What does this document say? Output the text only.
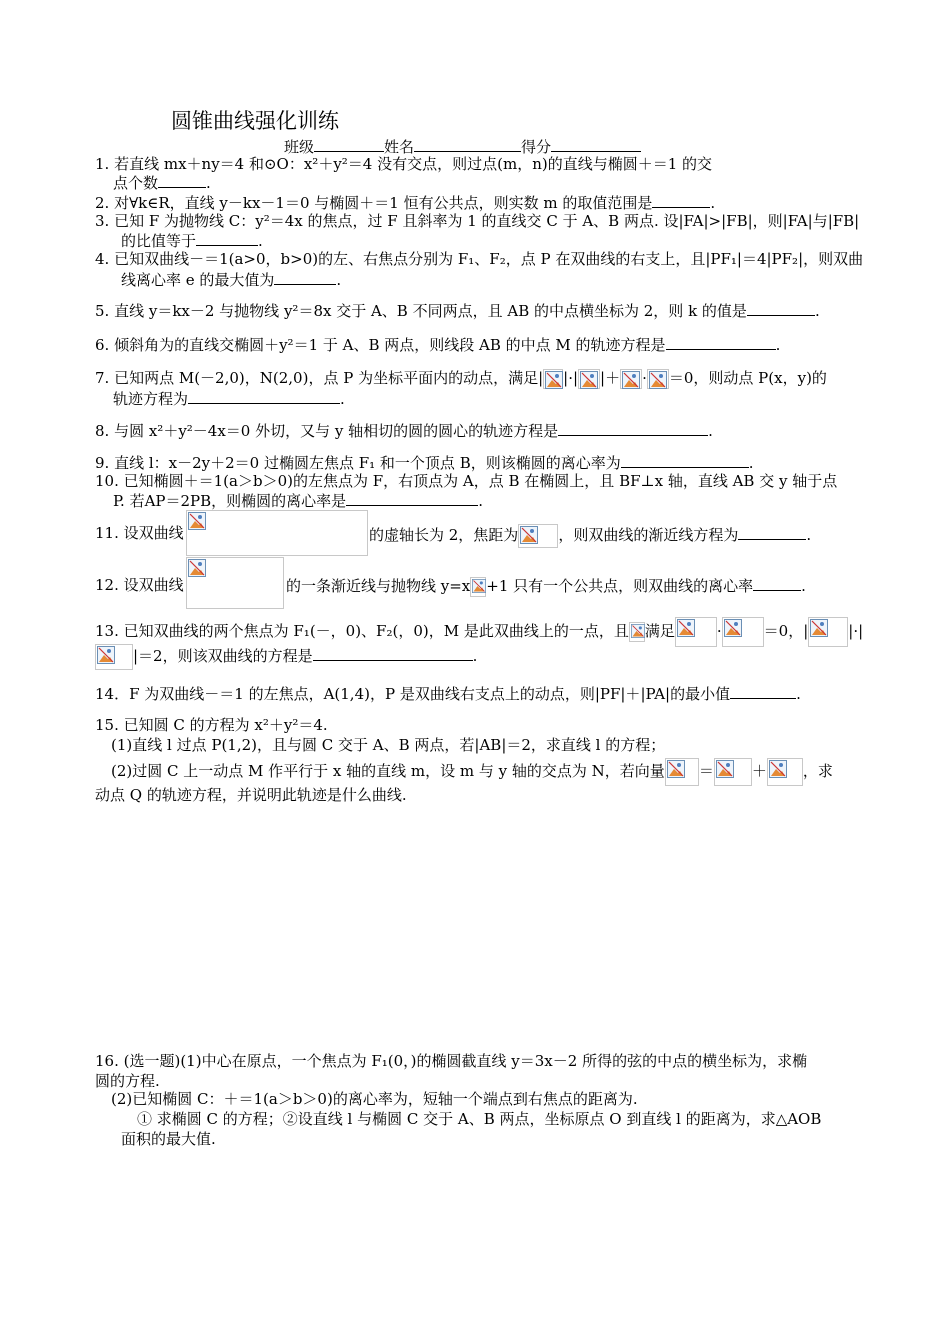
圆锥曲线强化训练
班级	姓名	得分
1. 若直线 mx＋ny＝4 和⊙O：x²＋y²＝4 没有交点，则过点(m，n)的直线与椭圆＋＝1 的交
点个数	.
2. 对∀k∈R，直线 y－kx－1＝0 与椭圆＋＝1 恒有公共点，则实数 m 的取值范围是	.
3. 已知 F 为抛物线 C：y²＝4x 的焦点，过 F 且斜率为 1 的直线交 C 于 A、B 两点. 设|FA|>|FB|，则|FA|与|FB|
的比值等于	.
4. 已知双曲线－＝1(a>0，b>0)的左、右焦点分别为 F₁、F₂，点 P 在双曲线的右支上，且|PF₁|＝4|PF₂|，则双曲
线离心率 e 的最大值为	.
5. 直线 y＝kx－2 与抛物线 y²＝8x 交于 A、B 不同两点，且 AB 的中点横坐标为 2，则 k 的值是	.
6. 倾斜角为的直线交椭圆＋y²＝1 于 A、B 两点，则线段 AB 的中点 M 的轨迹方程是	.
7. 已知两点 M(－2,0)，N(2,0)，点 P 为坐标平面内的动点，满足| |·| |＋ · ＝0，则动点 P(x，y)的
轨迹方程为	.
8. 与圆 x²＋y²－4x＝0 外切，又与 y 轴相切的圆的圆心的轨迹方程是	.
9. 直线 l：x－2y＋2＝0 过椭圆左焦点 F₁ 和一个顶点 B，则该椭圆的离心率为	.
10. 已知椭圆＋＝1(a＞b＞0)的左焦点为 F，右顶点为 A，点 B 在椭圆上，且 BF⊥x 轴，直线 AB 交 y 轴于点
P. 若AP＝2PB，则椭圆的离心率是	.
11. 设双曲线	的虚轴长为 2，焦距为	，则双曲线的渐近线方程为	.
12. 设双曲线	的一条渐近线与抛物线 y=x +1 只有一个公共点，则双曲线的离心率	.
13. 已知双曲线的两个焦点为 F₁(－，0)、F₂(，0)，M 是此双曲线上的一点，且 满足	·	＝0，|	|·|
|＝2，则该双曲线的方程是	.
14．F 为双曲线－＝1 的左焦点，A(1,4)，P 是双曲线右支点上的动点，则|PF|＋|PA|的最小值	.
15. 已知圆 C 的方程为 x²＋y²＝4.
(1)直线 l 过点 P(1,2)，且与圆 C 交于 A、B 两点，若|AB|＝2，求直线 l 的方程；
(2)过圆 C 上一动点 M 作平行于 x 轴的直线 m，设 m 与 y 轴的交点为 N，若向量 ＝	＋ ，求
动点 Q 的轨迹方程，并说明此轨迹是什么曲线.
16. (选一题)(1)中心在原点，一个焦点为 F₁(0，)的椭圆截直线 y＝3x－2 所得的弦的中点的横坐标为，求椭
圆的方程.
(2)已知椭圆 C：＋＝1(a＞b＞0)的离心率为，短轴一个端点到右焦点的距离为.
① 求椭圆 C 的方程；②设直线 l 与椭圆 C 交于 A、B 两点，坐标原点 O 到直线 l 的距离为，求△AOB
面积的最大值.
